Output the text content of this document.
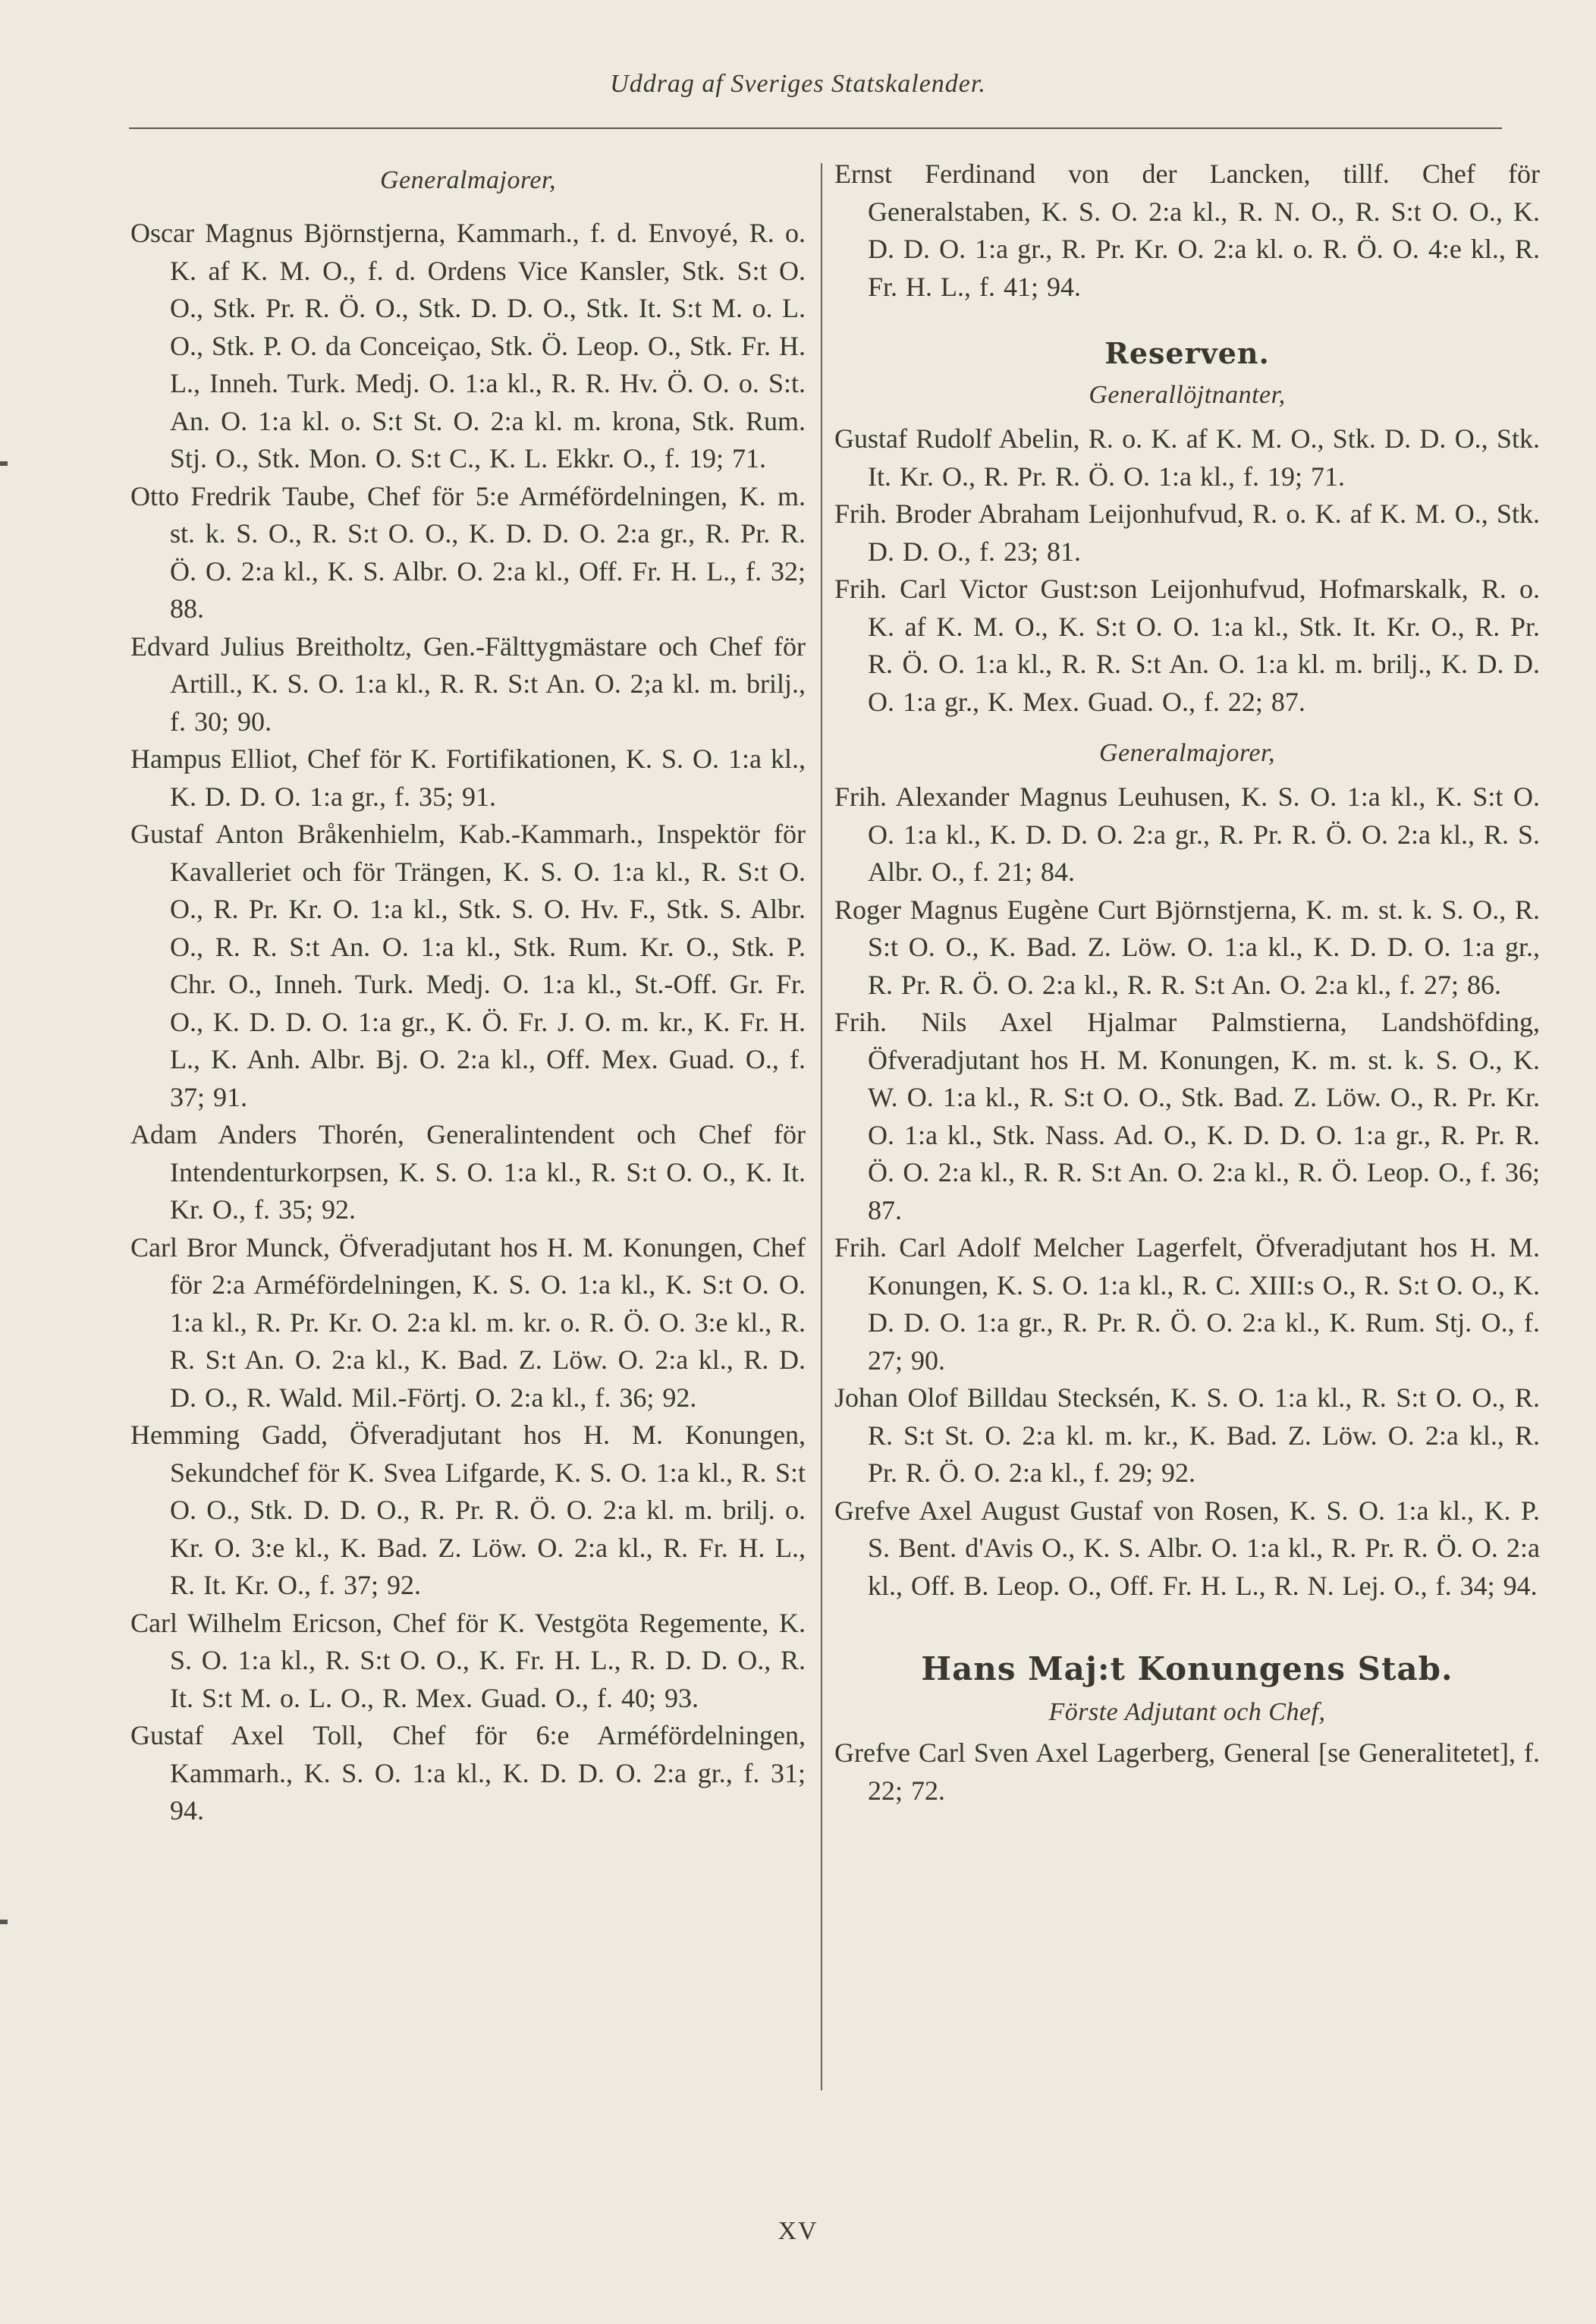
Uddrag af Sveriges Statskalender.
Generalmajorer,

Oscar Magnus Björnstjerna, Kammarh., f. d. Envoyé, R. o. K. af K. M. O., f. d. Ordens Vice Kansler, Stk. S:t O. O., Stk. Pr. R. Ö. O., Stk. D. D. O., Stk. It. S:t M. o. L. O., Stk. P. O. da Conceiçao, Stk. Ö. Leop. O., Stk. Fr. H. L., Inneh. Turk. Medj. O. 1:a kl., R. R. Hv. Ö. O. o. S:t. An. O. 1:a kl. o. S:t St. O. 2:a kl. m. krona, Stk. Rum. Stj. O., Stk. Mon. O. S:t C., K. L. Ekkr. O., f. 19; 71.

Otto Fredrik Taube, Chef för 5:e Arméfördelningen, K. m. st. k. S. O., R. S:t O. O., K. D. D. O. 2:a gr., R. Pr. R. Ö. O. 2:a kl., K. S. Albr. O. 2:a kl., Off. Fr. H. L., f. 32; 88.

Edvard Julius Breitholtz, Gen.-Fälttygmästare och Chef för Artill., K. S. O. 1:a kl., R. R. S:t An. O. 2;a kl. m. brilj., f. 30; 90.

Hampus Elliot, Chef för K. Fortifikationen, K. S. O. 1:a kl., K. D. D. O. 1:a gr., f. 35; 91.

Gustaf Anton Bråkenhielm, Kab.-Kammarh., Inspektör för Kavalleriet och för Trängen, K. S. O. 1:a kl., R. S:t O. O., R. Pr. Kr. O. 1:a kl., Stk. S. O. Hv. F., Stk. S. Albr. O., R. R. S:t An. O. 1:a kl., Stk. Rum. Kr. O., Stk. P. Chr. O., Inneh. Turk. Medj. O. 1:a kl., St.-Off. Gr. Fr. O., K. D. D. O. 1:a gr., K. Ö. Fr. J. O. m. kr., K. Fr. H. L., K. Anh. Albr. Bj. O. 2:a kl., Off. Mex. Guad. O., f. 37; 91.

Adam Anders Thorén, Generalintendent och Chef för Intendenturkorpsen, K. S. O. 1:a kl., R. S:t O. O., K. It. Kr. O., f. 35; 92.

Carl Bror Munck, Öfveradjutant hos H. M. Konungen, Chef för 2:a Arméfördelningen, K. S. O. 1:a kl., K. S:t O. O. 1:a kl., R. Pr. Kr. O. 2:a kl. m. kr. o. R. Ö. O. 3:e kl., R. R. S:t An. O. 2:a kl., K. Bad. Z. Löw. O. 2:a kl., R. D. D. O., R. Wald. Mil.-Förtj. O. 2:a kl., f. 36; 92.

Hemming Gadd, Öfveradjutant hos H. M. Konungen, Sekundchef för K. Svea Lifgarde, K. S. O. 1:a kl., R. S:t O. O., Stk. D. D. O., R. Pr. R. Ö. O. 2:a kl. m. brilj. o. Kr. O. 3:e kl., K. Bad. Z. Löw. O. 2:a kl., R. Fr. H. L., R. It. Kr. O., f. 37; 92.

Carl Wilhelm Ericson, Chef för K. Vestgöta Regemente, K. S. O. 1:a kl., R. S:t O. O., K. Fr. H. L., R. D. D. O., R. It. S:t M. o. L. O., R. Mex. Guad. O., f. 40; 93.

Gustaf Axel Toll, Chef för 6:e Arméfördelningen, Kammarh., K. S. O. 1:a kl., K. D. D. O. 2:a gr., f. 31; 94.

Ernst Ferdinand von der Lancken, tillf. Chef för Generalstaben, K. S. O. 2:a kl., R. N. O., R. S:t O. O., K. D. D. O. 1:a gr., R. Pr. Kr. O. 2:a kl. o. R. Ö. O. 4:e kl., R. Fr. H. L., f. 41; 94.

Reserven.
Generallöjtnanter,

Gustaf Rudolf Abelin, R. o. K. af K. M. O., Stk. D. D. O., Stk. It. Kr. O., R. Pr. R. Ö. O. 1:a kl., f. 19; 71.

Frih. Broder Abraham Leijonhufvud, R. o. K. af K. M. O., Stk. D. D. O., f. 23; 81.

Frih. Carl Victor Gust:son Leijonhufvud, Hofmarskalk, R. o. K. af K. M. O., K. S:t O. O. 1:a kl., Stk. It. Kr. O., R. Pr. R. Ö. O. 1:a kl., R. R. S:t An. O. 1:a kl. m. brilj., K. D. D. O. 1:a gr., K. Mex. Guad. O., f. 22; 87.

Generalmajorer,

Frih. Alexander Magnus Leuhusen, K. S. O. 1:a kl., K. S:t O. O. 1:a kl., K. D. D. O. 2:a gr., R. Pr. R. Ö. O. 2:a kl., R. S. Albr. O., f. 21; 84.

Roger Magnus Eugène Curt Björnstjerna, K. m. st. k. S. O., R. S:t O. O., K. Bad. Z. Löw. O. 1:a kl., K. D. D. O. 1:a gr., R. Pr. R. Ö. O. 2:a kl., R. R. S:t An. O. 2:a kl., f. 27; 86.

Frih. Nils Axel Hjalmar Palmstierna, Landshöfding, Öfveradjutant hos H. M. Konungen, K. m. st. k. S. O., K. W. O. 1:a kl., R. S:t O. O., Stk. Bad. Z. Löw. O., R. Pr. Kr. O. 1:a kl., Stk. Nass. Ad. O., K. D. D. O. 1:a gr., R. Pr. R. Ö. O. 2:a kl., R. R. S:t An. O. 2:a kl., R. Ö. Leop. O., f. 36; 87.

Frih. Carl Adolf Melcher Lagerfelt, Öfveradjutant hos H. M. Konungen, K. S. O. 1:a kl., R. C. XIII:s O., R. S:t O. O., K. D. D. O. 1:a gr., R. Pr. R. Ö. O. 2:a kl., K. Rum. Stj. O., f. 27; 90.

Johan Olof Billdau Stecksén, K. S. O. 1:a kl., R. S:t O. O., R. R. S:t St. O. 2:a kl. m. kr., K. Bad. Z. Löw. O. 2:a kl., R. Pr. R. Ö. O. 2:a kl., f. 29; 92.

Grefve Axel August Gustaf von Rosen, K. S. O. 1:a kl., K. P. S. Bent. d'Avis O., K. S. Albr. O. 1:a kl., R. Pr. R. Ö. O. 2:a kl., Off. B. Leop. O., Off. Fr. H. L., R. N. Lej. O., f. 34; 94.

Hans Maj:t Konungens Stab.
Förste Adjutant och Chef,

Grefve Carl Sven Axel Lagerberg, General [se Generalitetet], f. 22; 72.

XV
